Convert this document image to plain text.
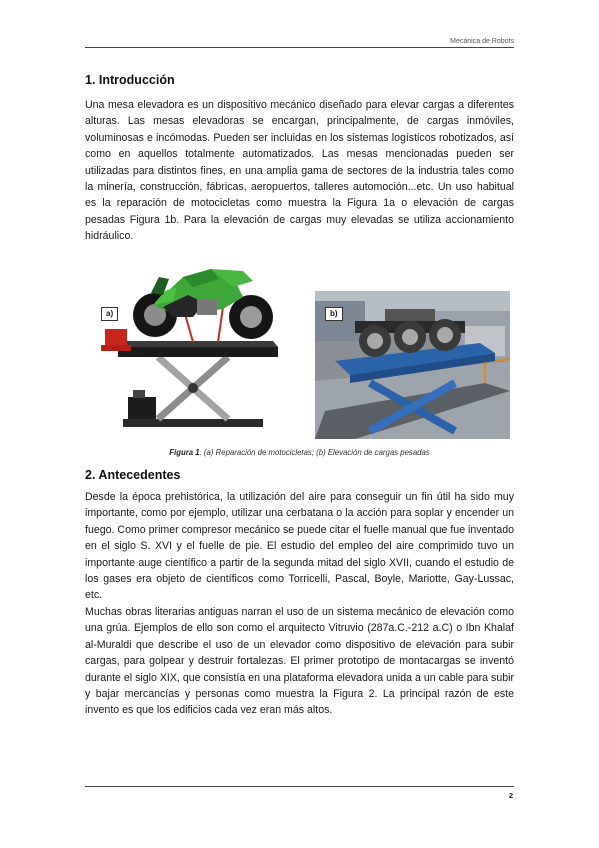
Mecánica de Robots
1. Introducción

Una mesa elevadora es un dispositivo mecánico diseñado para elevar cargas a diferentes alturas. Las mesas elevadoras se encargan, principalmente, de cargas inmóviles, voluminosas e incómodas. Pueden ser incluidas en los sistemas logísticos robotizados, así como en aquellos totalmente automatizados. Las mesas mencionadas pueden ser utilizadas para distintos fines, en una amplia gama de sectores de la industria tales como la minería, construcción, fábricas, aeropuertos, talleres automoción...etc. Un uso habitual es la reparación de motocicletas como muestra la Figura 1a o elevación de cargas pesadas Figura 1b. Para la elevación de cargas muy elevadas se utiliza accionamiento hidráulico.

a)	b)
Figura 1. (a) Reparación de motocicletas; (b) Elevación de cargas pesadas
2. Antecedentes

Desde la época prehistórica, la utilización del aire para conseguir un fin útil ha sido muy importante, como por ejemplo, utilizar una cerbatana o la acción para soplar y encender un fuego. Como primer compresor mecánico se puede citar el fuelle manual que fue inventado en el siglo S. XVI y el fuelle de pie. El estudio del empleo del aire comprimido tuvo un importante auge científico a partir de la segunda mitad del siglo XVII, cuando el estudio de los gases era objeto de científicos como Torricelli, Pascal, Boyle, Mariotte, Gay-Lussac, etc.

Muchas obras literarias antiguas narran el uso de un sistema mecánico de elevación como una grúa. Ejemplos de ello son como el arquitecto Vitruvio (287a.C.-212 a.C) o Ibn Khalaf al-Muraldi que describe el uso de un elevador como dispositivo de elevación para subir cargas, para golpear y destruir fortalezas. El primer prototipo de montacargas se inventó durante el siglo XIX, que consistía en una plataforma elevadora unida a un cable para subir y bajar mercancías y personas como muestra la Figura 2. La principal razón de este invento es que los edificios cada vez eran más altos.

2
